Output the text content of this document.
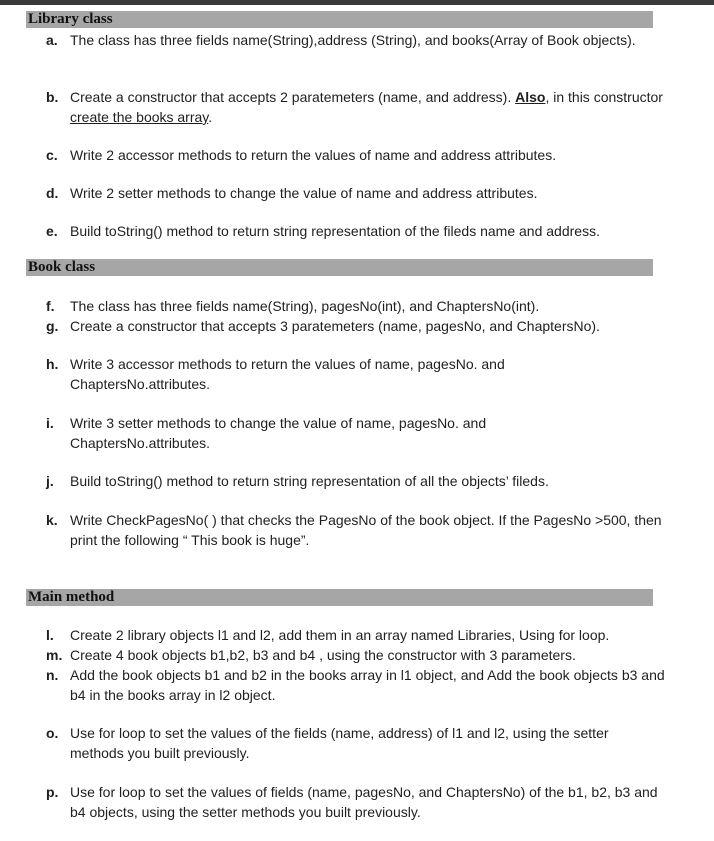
Library class
a. The class has three fields name(String),address (String), and books(Array of Book objects).
b. Create a constructor that accepts 2 paratemeters (name, and address). Also, in this constructor create the books array.
c. Write 2 accessor methods to return the values of name and address attributes.
d. Write 2 setter methods to change the value of name and address attributes.
e. Build toString() method to return string representation of the fileds name and address.
Book class
f.	The class has three fields name(String), pagesNo(int), and ChaptersNo(int).
g. Create a constructor that accepts 3 paratemeters (name, pagesNo, and ChaptersNo).
h. Write 3 accessor methods to return the values of name, pagesNo. and ChaptersNo.attributes.
i.	Write 3 setter methods to change the value of name, pagesNo. and ChaptersNo.attributes.
j.	Build toString() method to return string representation of all the objects’ fileds.
k. Write CheckPagesNo( ) that checks the PagesNo of the book object. If the PagesNo >500, then print the following “ This book is huge”.
Main method
l.	Create 2 library objects l1 and l2, add them in an array named Libraries, Using for loop.
m. Create 4 book objects b1,b2, b3 and b4 , using the constructor with 3 parameters.
n. Add the book objects b1 and b2 in the books array in l1 object, and Add the book objects b3 and b4 in the books array in l2 object.
o. Use for loop to set the values of the fields (name, address) of l1 and l2, using the setter methods you built previously.
p. Use for loop to set the values of fields (name, pagesNo, and ChaptersNo) of the b1, b2, b3 and b4 objects, using the setter methods you built previously.
